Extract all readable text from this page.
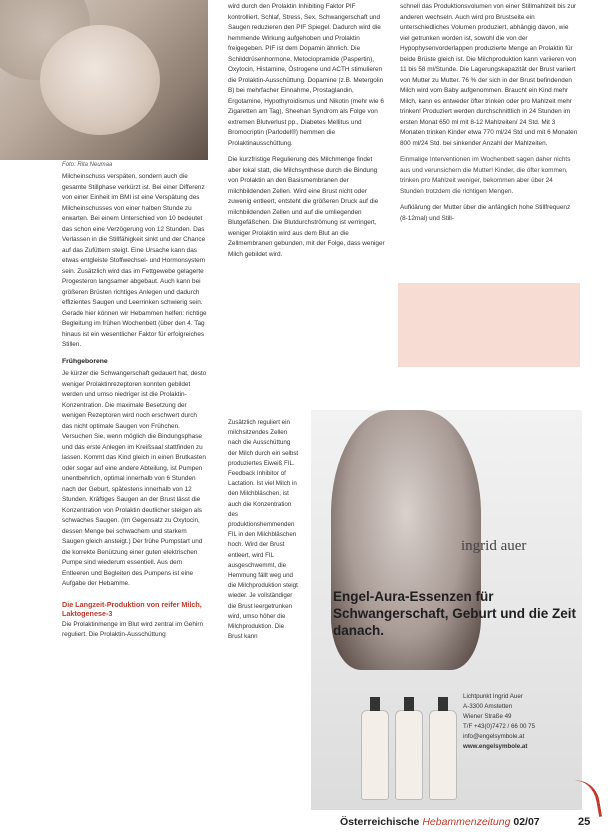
Foto: Rita Neumaa

Milcheinschuss verspäten, sondern auch die gesamte Stillphase verkürzt ist. Bei einer Differenz von einer Einheit im BMI ist eine Verspätung des Milcheinschusses von einer halben Stunde zu erwarten. Bei einem Unterschied von 10 bedeutet das schon eine Verzögerung von 12 Stunden. Das Verlassen in die Stillfähigkeit sinkt und der Chance auf das Zufüttern steigt. Eine Ursache kann das etwas entgleiste Stoffwechsel- und Hormonsystem sein. Zusätzlich wird das im Fettgewebe gelagerte Progesteron langsamer abgebaut. Auch kann bei größeren Brüsten richtiges Anlegen und dadurch effizientes Saugen und Leerrinken schwierig sein. Gerade hier können wir Hebammen helfen: richtige Begleitung im frühen Wochenbett (über den 4. Tag hinaus ist ein wesentlicher Faktor für erfolgreiches Stillen.

Frühgeborene

Je kürzer die Schwangerschaft gedauert hat, desto weniger Prolaktinrezeptoren konnten gebildet werden und umso niedriger ist die Prolaktin-Konzentration. Die maximale Besetzung der wenigen Rezeptoren wird noch erschwert durch das nicht optimale Saugen von Frühchen. Versuchen Sie, wenn möglich die Bindungsphase und das erste Anlegen im Kreißsaal stattfinden zu lassen. Kommt das Kind gleich in einen Brutkasten oder sogar auf eine andere Abteilung, ist Pumpen unentbehrlich, optimal innerhalb von 6 Stunden nach der Geburt, spätestens innerhalb von 12 Stunden. Kräftiges Saugen an der Brust lässt die Konzentration von Prolaktin deutlicher steigen als schwaches Saugen. (Im Gegensatz zu Oxytocin, dessen Menge bei schwachem und starkem Saugen gleich ansteigt.) Der frühe Pumpstart und die korrekte Benützung einer guten elektrischen Pumpe sind wiederum essentiell. Aus dem Entleeren und Begleiten des Pumpens ist eine Aufgabe der Hebamme.

Die Langzeit-Produktion von reifer Milch, Laktogenese-3

Die Prolaktinmenge im Blut wird zentral im Gehirn reguliert. Die Prolaktin-Ausschüttung

wird durch den Prolaktin Inhibiting Faktor PIF kontrolliert. Schlaf, Stress, Sex, Schwangerschaft und Saugen reduzieren den PIF Spiegel. Dadurch wird die hemmende Wirkung aufgehoben und Prolaktin freigegeben. PIF ist dem Dopamin ähnlich. Die Schilddrüsenhormone, Metoclopramide (Paspertin), Oxytocin, Histamine, Östrogene und ACTH stimulieren die Prolaktin-Ausschüttung. Dopamine (z.B. Metergolin B) bei mehrfacher Einnahme, Prostaglandin, Ergotamine, Hypothyroidismus und Nikotin (mehr wie 6 Zigaretten am Tag), Sheehan Syndrom als Folge von extremen Blutverlust pp., Diabetes Mellitus und Bromocriptin (Parlodel®) hemmen die Prolaktinausschüttung.

Die kurzfristige Regulierung des Milchmenge findet aber lokal statt, die Milchsynthese durch die Bindung von Prolaktin an den Basismembranen der milchbildenden Zellen. Wird eine Brust nicht oder zuwenig entleert, entsteht die größeren Druck auf die milchbildenden Zellen und auf die umliegenden Blutgefäßchen. Die Blutdurchströmung ist verringert, weniger Prolaktin wird aus dem Blut an die Zellmembranen gebunden, mit der Folge, dass weniger Milch gebildet wird.

Zusätzlich reguliert ein milchsitzendes Zellen nach die Ausschüttung der Milch durch ein selbst produziertes Eiweiß FIL. Feedback Inhibitor of Lactation. Ist viel Milch in den Milchbläschen, ist auch die Konzentration des produktionshemmenden FIL in den Milchbläschen hoch. Wird der Brust entleert, wird FIL ausgeschwemmt, die Hemmung fällt weg und die Milchproduktion steigt wieder. Je vollständiger die Brust leergetrunken wird, umso höher die Milchproduktion. Die Brust kann

schnell das Produktionsvolumen von einer Stillmahlzeit bis zur anderen wechseln. Auch wird pro Brustseite ein unterschiedliches Volumen produziert, abhängig davon, wie viel getrunken worden ist, sowohl die von der Hypophysenvorderlappen produzierte Menge an Prolaktin für beide Brüste gleich ist. Die Milchproduktion kann variieren von 11 bis 58 ml/Stunde. Die Lagerungskapazität der Brust variiert von Mutter zu Mutter. 76 % der sich in der Brust befindenden Milch wird vom Baby aufgenommen. Braucht ein Kind mehr Milch, kann es entweder öfter trinken oder pro Mahlzeit mehr trinken! Produziert werden durchschnittlich in 24 Stunden im ersten Monat 650 ml mit 8-12 Mahlzeiten/ 24 Std. Mit 3 Monaten trinken Kinder etwa 770 ml/24 Std und mit 6 Monaten 800 ml/24 Std. bei sinkender Anzahl der Mahlzeiten.

Einmalige Interventionen im Wochenbett sagen daher nichts aus und verunsichern die Mutter! Kinder, die öfter kommen, trinken pro Mahlzeit weniger, bekommen aber über 24 Stunden trotzdem die richtigen Mengen.

Aufklärung der Mutter über die anfänglich hohe Stillfrequenz (8-12mal) und Still-

ingrid auer
Engel-Aura-Essenzen für Schwangerschaft, Geburt und die Zeit danach.
Lichtpunkt Ingrid Auer
A-3300 Amstetten
Wiener Straße 49
T/F +43(0)7472 / 66 00 75
info@engelsymbole.at
www.engelsymbole.at
Österreichische Hebammenzeitung 02/07	25
